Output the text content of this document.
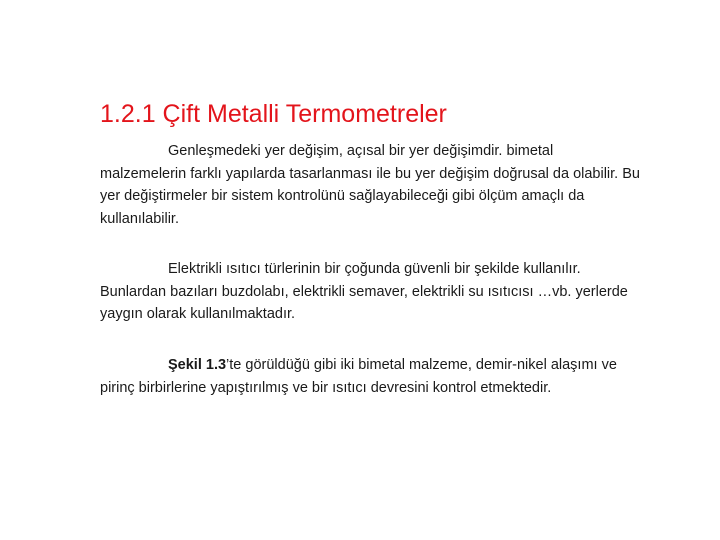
1.2.1 Çift Metalli Termometreler

Genleşmedeki yer değişim, açısal bir yer değişimdir. bimetal malzemelerin farklı yapılarda tasarlanması ile bu yer değişim doğrusal da olabilir. Bu yer değiştirmeler bir sistem kontrolünü sağlayabileceği gibi ölçüm amaçlı da kullanılabilir.

Elektrikli ısıtıcı türlerinin bir çoğunda güvenli bir şekilde kullanılır. Bunlardan bazıları buzdolabı, elektrikli semaver, elektrikli su ısıtıcısı …vb. yerlerde yaygın olarak kullanılmaktadır.

Şekil 1.3’te görüldüğü gibi iki bimetal malzeme, demir-nikel alaşımı ve pirinç birbirlerine yapıştırılmış ve bir ısıtıcı devresini kontrol etmektedir.
